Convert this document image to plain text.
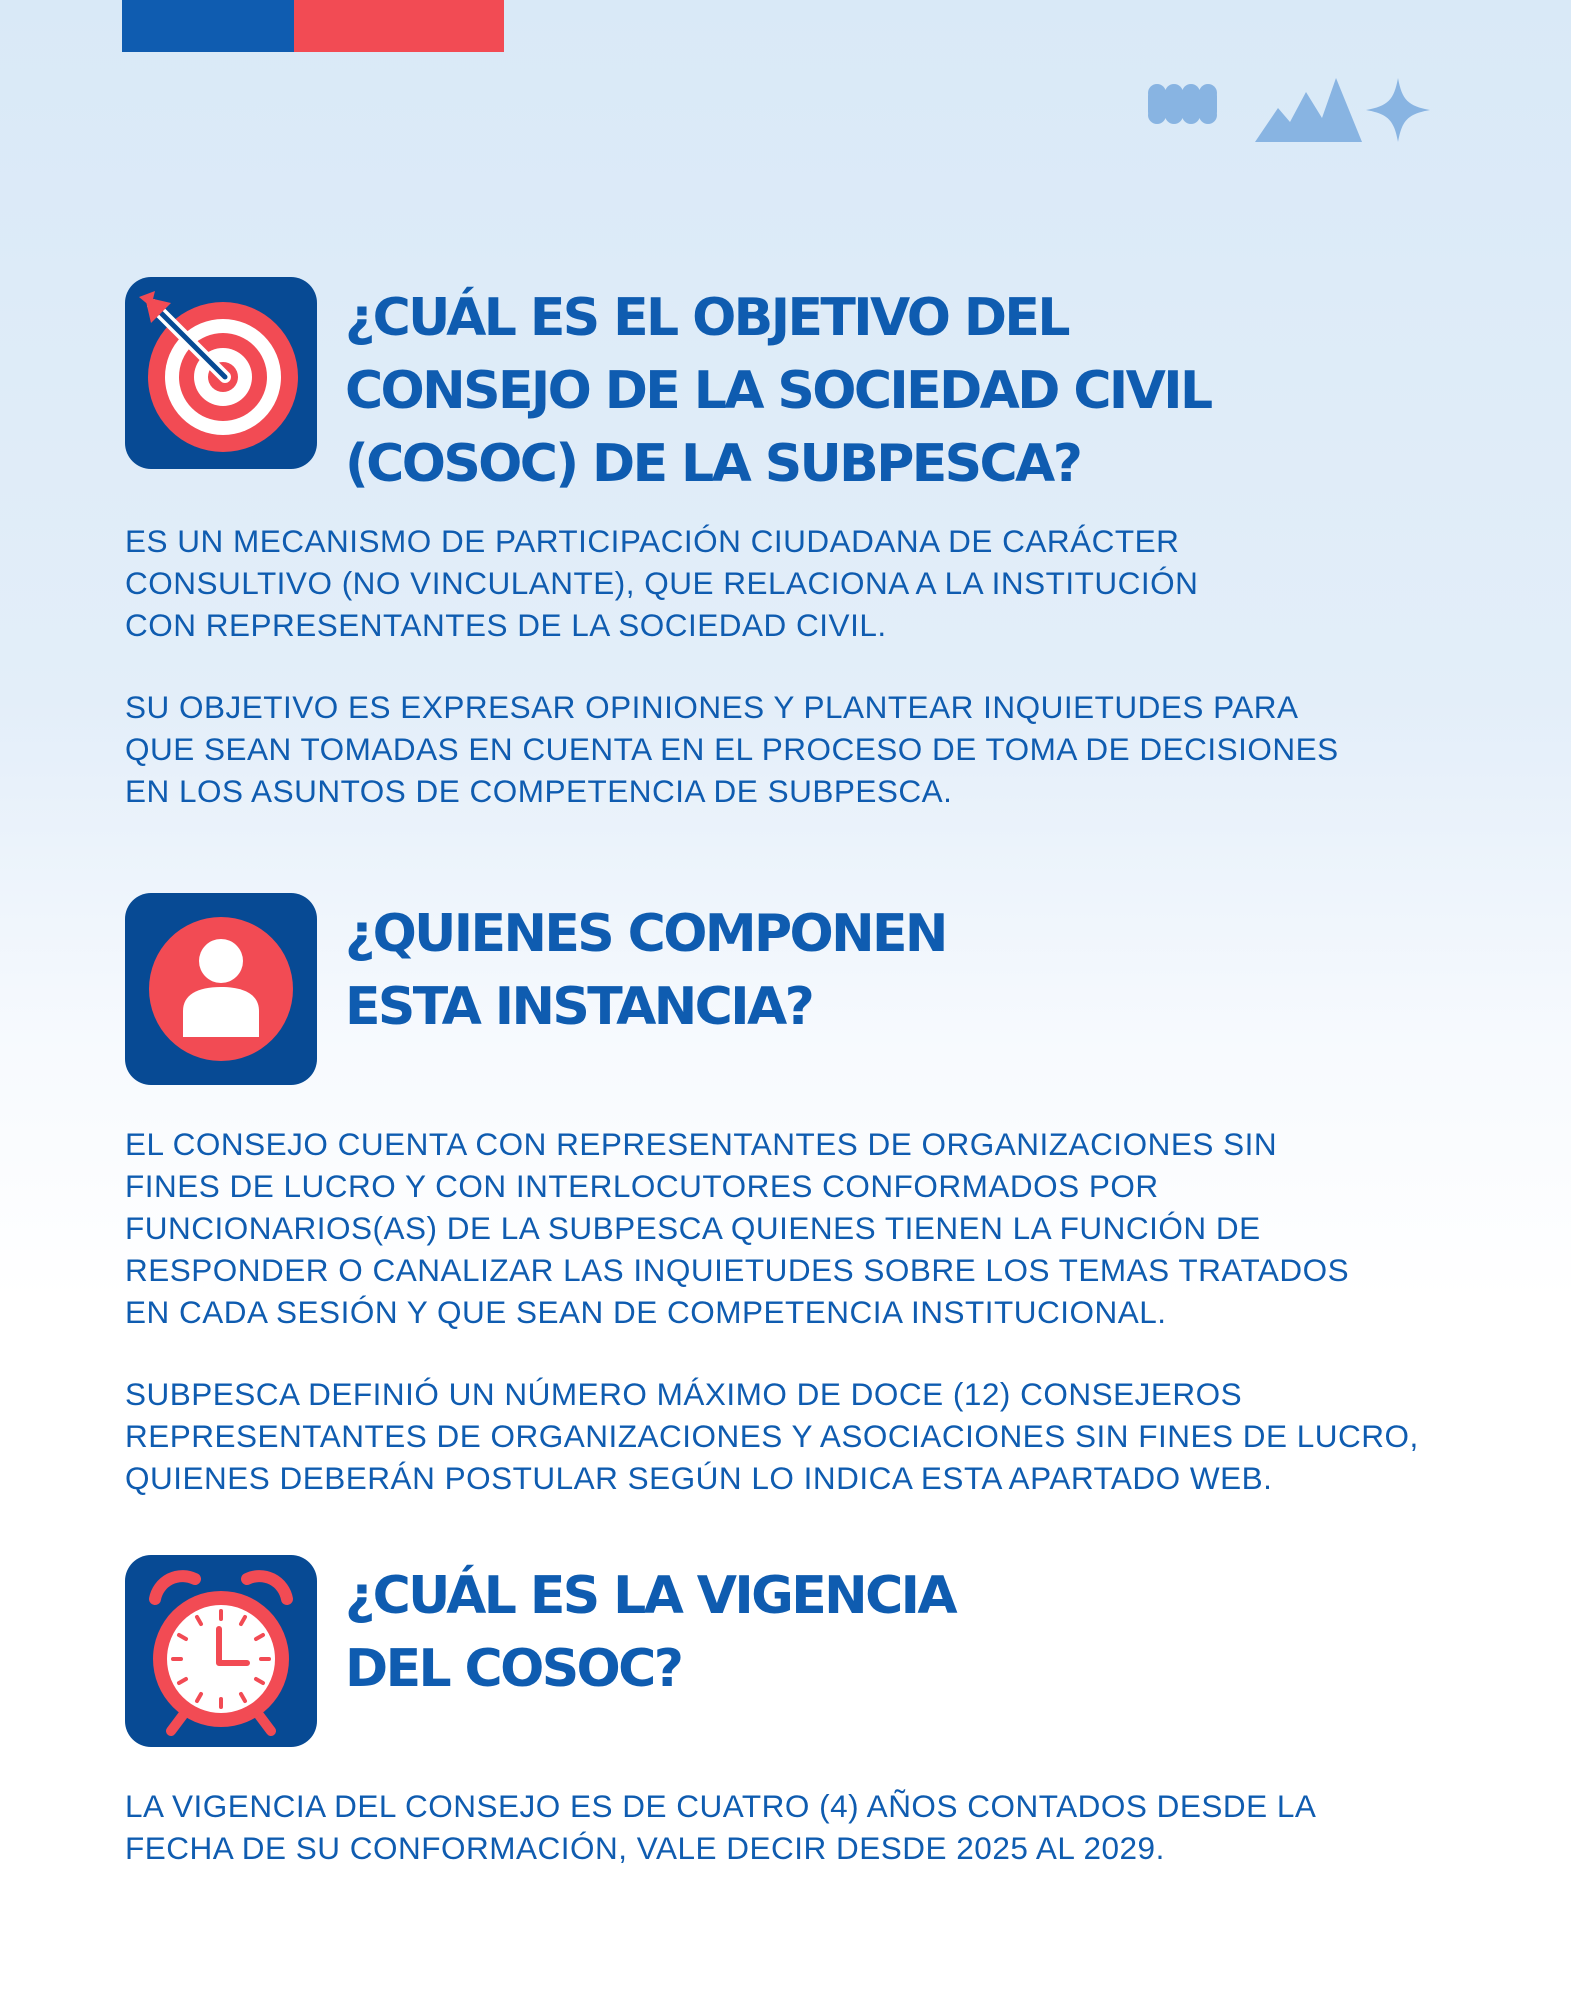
¿CUÁL ES EL OBJETIVO DEL
CONSEJO DE LA SOCIEDAD CIVIL
(COSOC) DE LA SUBPESCA?
ES UN MECANISMO DE PARTICIPACIÓN CIUDADANA DE CARÁCTER
CONSULTIVO (NO VINCULANTE), QUE RELACIONA A LA INSTITUCIÓN
CON REPRESENTANTES DE LA SOCIEDAD CIVIL.
SU OBJETIVO ES EXPRESAR OPINIONES Y PLANTEAR INQUIETUDES PARA
QUE SEAN TOMADAS EN CUENTA EN EL PROCESO DE TOMA DE DECISIONES
EN LOS ASUNTOS DE COMPETENCIA DE SUBPESCA.
¿QUIENES COMPONEN
ESTA INSTANCIA?
EL CONSEJO CUENTA CON REPRESENTANTES DE ORGANIZACIONES SIN
FINES DE LUCRO Y CON INTERLOCUTORES CONFORMADOS POR
FUNCIONARIOS(AS) DE LA SUBPESCA QUIENES TIENEN LA FUNCIÓN DE
RESPONDER O CANALIZAR LAS INQUIETUDES SOBRE LOS TEMAS TRATADOS
EN CADA SESIÓN Y QUE SEAN DE COMPETENCIA INSTITUCIONAL.
SUBPESCA DEFINIÓ UN NÚMERO MÁXIMO DE DOCE (12) CONSEJEROS
REPRESENTANTES DE ORGANIZACIONES Y ASOCIACIONES SIN FINES DE LUCRO,
QUIENES DEBERÁN POSTULAR SEGÚN LO INDICA ESTA APARTADO WEB.
¿CUÁL ES LA VIGENCIA
DEL COSOC?
LA VIGENCIA DEL CONSEJO ES DE CUATRO (4) AÑOS CONTADOS DESDE LA
FECHA DE SU CONFORMACIÓN, VALE DECIR DESDE 2025 AL 2029.
